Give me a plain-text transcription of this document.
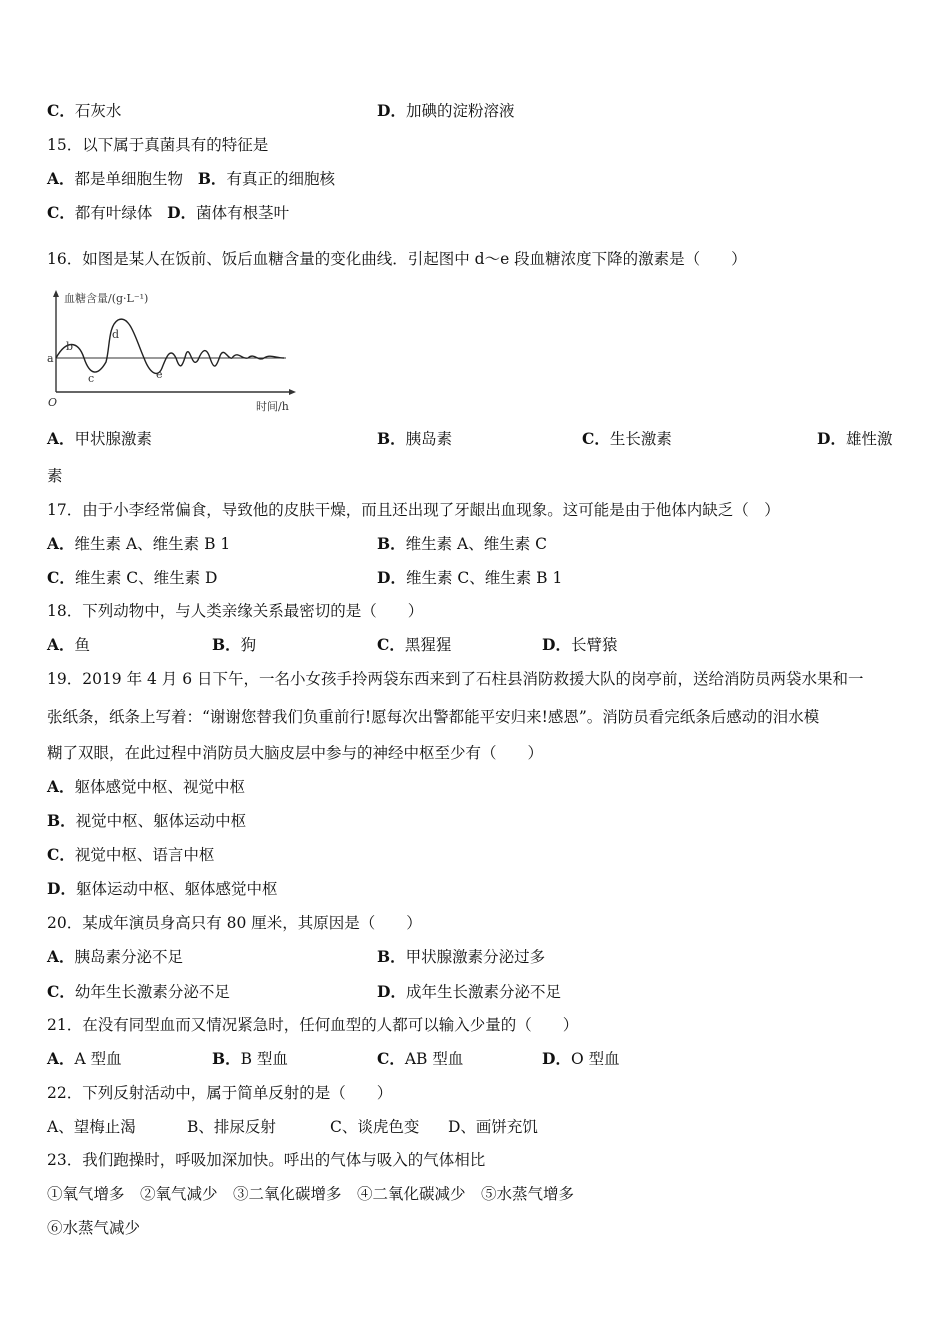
C．石灰水	D．加碘的淀粉溶液
15．以下属于真菌具有的特征是
A．都是单细胞生物 B．有真正的细胞核
C．都有叶绿体 D．菌体有根茎叶
16．如图是某人在饭前、饭后血糖含量的变化曲线．引起图中 d～e 段血糖浓度下降的激素是（　　）
血糖含量/(g·L⁻¹)
时间/h
O
a
b
c
d
e
A．甲状腺激素	B．胰岛素	C．生长激素	D．雄性激
素
17．由于小李经常偏食，导致他的皮肤干燥，而且还出现了牙龈出血现象。这可能是由于他体内缺乏（　）
A．维生素 A、维生素 B 1	B．维生素 A、维生素 C
C．维生素 C、维生素 D	D．维生素 C、维生素 B 1
18．下列动物中，与人类亲缘关系最密切的是（　　）
A．鱼	B．狗	C．黑猩猩	D．长臂猿
19．2019 年 4 月 6 日下午，一名小女孩手拎两袋东西来到了石柱县消防救援大队的岗亭前，送给消防员两袋水果和一
张纸条，纸条上写着：“谢谢您替我们负重前行!愿每次出警都能平安归来!感恩”。消防员看完纸条后感动的泪水模
糊了双眼，在此过程中消防员大脑皮层中参与的神经中枢至少有（　　）
A．躯体感觉中枢、视觉中枢
B．视觉中枢、躯体运动中枢
C．视觉中枢、语言中枢
D．躯体运动中枢、躯体感觉中枢
20．某成年演员身高只有 80 厘米，其原因是（　　）
A．胰岛素分泌不足	B．甲状腺激素分泌过多
C．幼年生长激素分泌不足	D．成年生长激素分泌不足
21．在没有同型血而又情况紧急时，任何血型的人都可以输入少量的（　　）
A．A 型血	B．B 型血	C．AB 型血	D．O 型血
22．下列反射活动中，属于简单反射的是（　　）
A、望梅止渴	B、排尿反射	C、谈虎色变 D、画饼充饥
23．我们跑操时，呼吸加深加快。呼出的气体与吸入的气体相比
①氧气增多　②氧气减少　③二氧化碳增多　④二氧化碳减少　⑤水蒸气增多
⑥水蒸气减少
